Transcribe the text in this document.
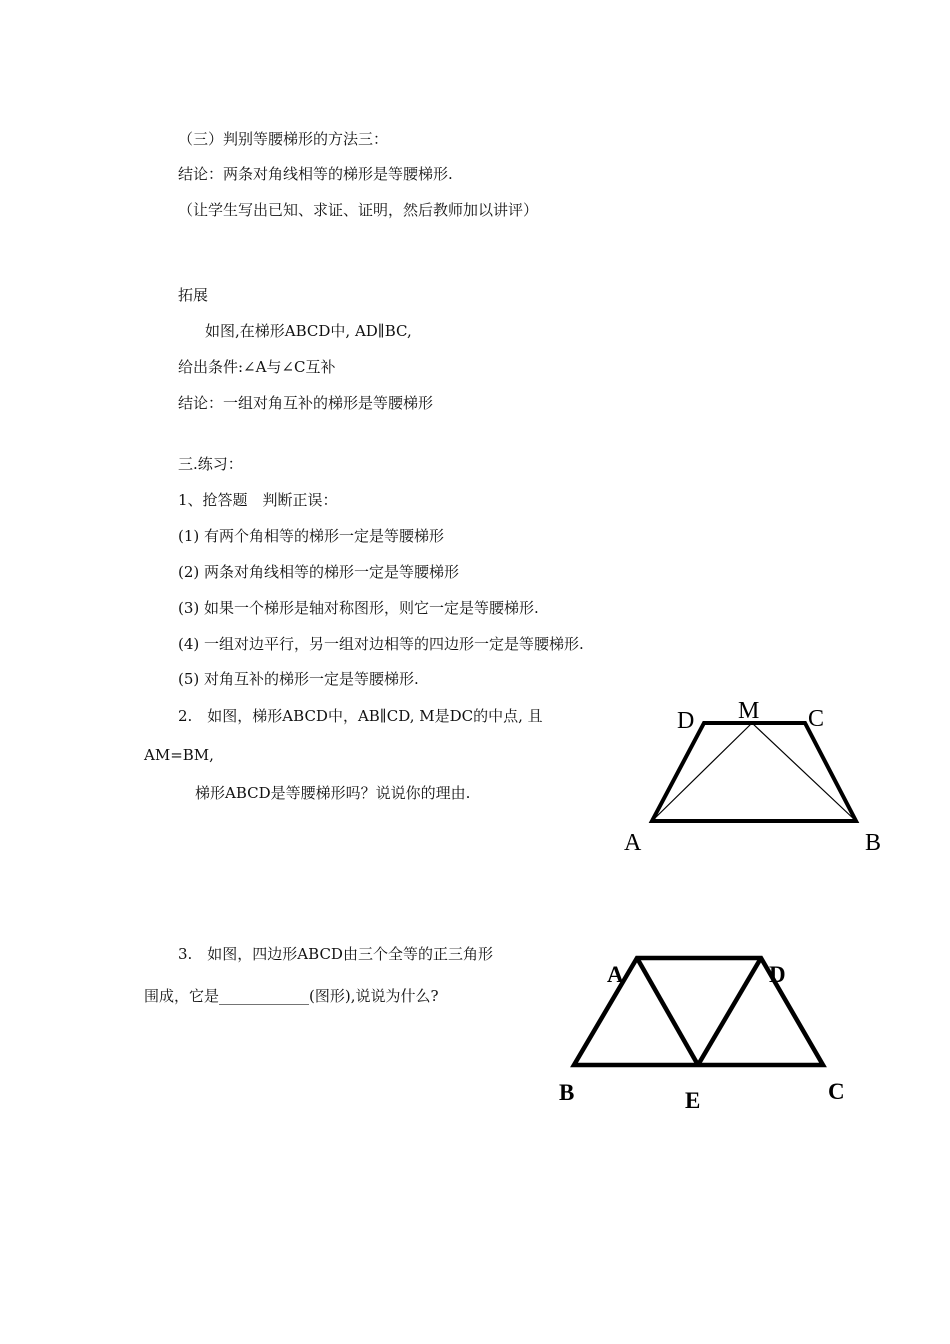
（三）判别等腰梯形的方法三：
结论：两条对角线相等的梯形是等腰梯形.
（让学生写出已知、求证、证明，然后教师加以讲评）
拓展
如图,在梯形ABCD中, AD∥BC,
给出条件:∠A与∠C互补
结论：一组对角互补的梯形是等腰梯形
三.练习：
1、抢答题　判断正误：
(1) 有两个角相等的梯形一定是等腰梯形
(2) 两条对角线相等的梯形一定是等腰梯形
(3) 如果一个梯形是轴对称图形，则它一定是等腰梯形.
(4) 一组对边平行，另一组对边相等的四边形一定是等腰梯形.
(5) 对角互补的梯形一定是等腰梯形.
2.　如图，梯形ABCD中，AB∥CD, M是DC的中点, 且
AM=BM,
梯形ABCD是等腰梯形吗？说说你的理由.
D M C
A	B
3.　如图，四边形ABCD由三个全等的正三角形
围成，它是____________(图形),说说为什么?
A	D
B	E	C
